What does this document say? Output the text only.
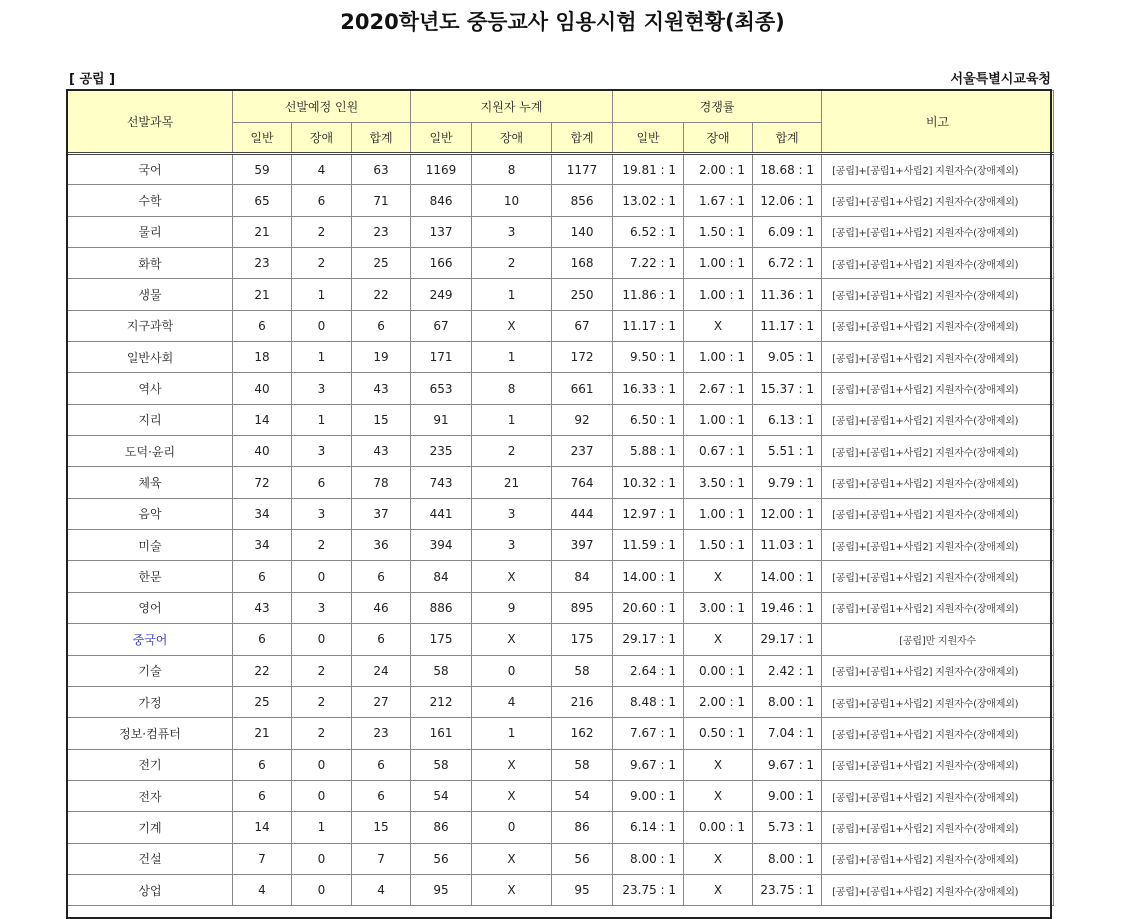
2020학년도 중등교사 임용시험 지원현황(최종)
[ 공립 ]	서울특별시교육청
선발과목	선발예정 인원			지원자 누계			경쟁률			비고
	일반	장애	합계	일반	장애	합계	일반	장애	합계	
국어	59	4	63	1169	8	1177	19.81 : 1	2.00 : 1	18.68 : 1	[공립]+[공립1+사립2] 지원자수(장애제외)
수학	65	6	71	846	10	856	13.02 : 1	1.67 : 1	12.06 : 1	[공립]+[공립1+사립2] 지원자수(장애제외)
물리	21	2	23	137	3	140	6.52 : 1	1.50 : 1	6.09 : 1	[공립]+[공립1+사립2] 지원자수(장애제외)
화학	23	2	25	166	2	168	7.22 : 1	1.00 : 1	6.72 : 1	[공립]+[공립1+사립2] 지원자수(장애제외)
생물	21	1	22	249	1	250	11.86 : 1	1.00 : 1	11.36 : 1	[공립]+[공립1+사립2] 지원자수(장애제외)
지구과학	6	0	6	67	X	67	11.17 : 1	X	11.17 : 1	[공립]+[공립1+사립2] 지원자수(장애제외)
일반사회	18	1	19	171	1	172	9.50 : 1	1.00 : 1	9.05 : 1	[공립]+[공립1+사립2] 지원자수(장애제외)
역사	40	3	43	653	8	661	16.33 : 1	2.67 : 1	15.37 : 1	[공립]+[공립1+사립2] 지원자수(장애제외)
지리	14	1	15	91	1	92	6.50 : 1	1.00 : 1	6.13 : 1	[공립]+[공립1+사립2] 지원자수(장애제외)
도덕·윤리	40	3	43	235	2	237	5.88 : 1	0.67 : 1	5.51 : 1	[공립]+[공립1+사립2] 지원자수(장애제외)
체육	72	6	78	743	21	764	10.32 : 1	3.50 : 1	9.79 : 1	[공립]+[공립1+사립2] 지원자수(장애제외)
음악	34	3	37	441	3	444	12.97 : 1	1.00 : 1	12.00 : 1	[공립]+[공립1+사립2] 지원자수(장애제외)
미술	34	2	36	394	3	397	11.59 : 1	1.50 : 1	11.03 : 1	[공립]+[공립1+사립2] 지원자수(장애제외)
한문	6	0	6	84	X	84	14.00 : 1	X	14.00 : 1	[공립]+[공립1+사립2] 지원자수(장애제외)
영어	43	3	46	886	9	895	20.60 : 1	3.00 : 1	19.46 : 1	[공립]+[공립1+사립2] 지원자수(장애제외)
중국어	6	0	6	175	X	175	29.17 : 1	X	29.17 : 1	[공립]만 지원자수
기술	22	2	24	58	0	58	2.64 : 1	0.00 : 1	2.42 : 1	[공립]+[공립1+사립2] 지원자수(장애제외)
가정	25	2	27	212	4	216	8.48 : 1	2.00 : 1	8.00 : 1	[공립]+[공립1+사립2] 지원자수(장애제외)
정보·컴퓨터	21	2	23	161	1	162	7.67 : 1	0.50 : 1	7.04 : 1	[공립]+[공립1+사립2] 지원자수(장애제외)
전기	6	0	6	58	X	58	9.67 : 1	X	9.67 : 1	[공립]+[공립1+사립2] 지원자수(장애제외)
전자	6	0	6	54	X	54	9.00 : 1	X	9.00 : 1	[공립]+[공립1+사립2] 지원자수(장애제외)
기계	14	1	15	86	0	86	6.14 : 1	0.00 : 1	5.73 : 1	[공립]+[공립1+사립2] 지원자수(장애제외)
건설	7	0	7	56	X	56	8.00 : 1	X	8.00 : 1	[공립]+[공립1+사립2] 지원자수(장애제외)
상업	4	0	4	95	X	95	23.75 : 1	X	23.75 : 1	[공립]+[공립1+사립2] 지원자수(장애제외)
